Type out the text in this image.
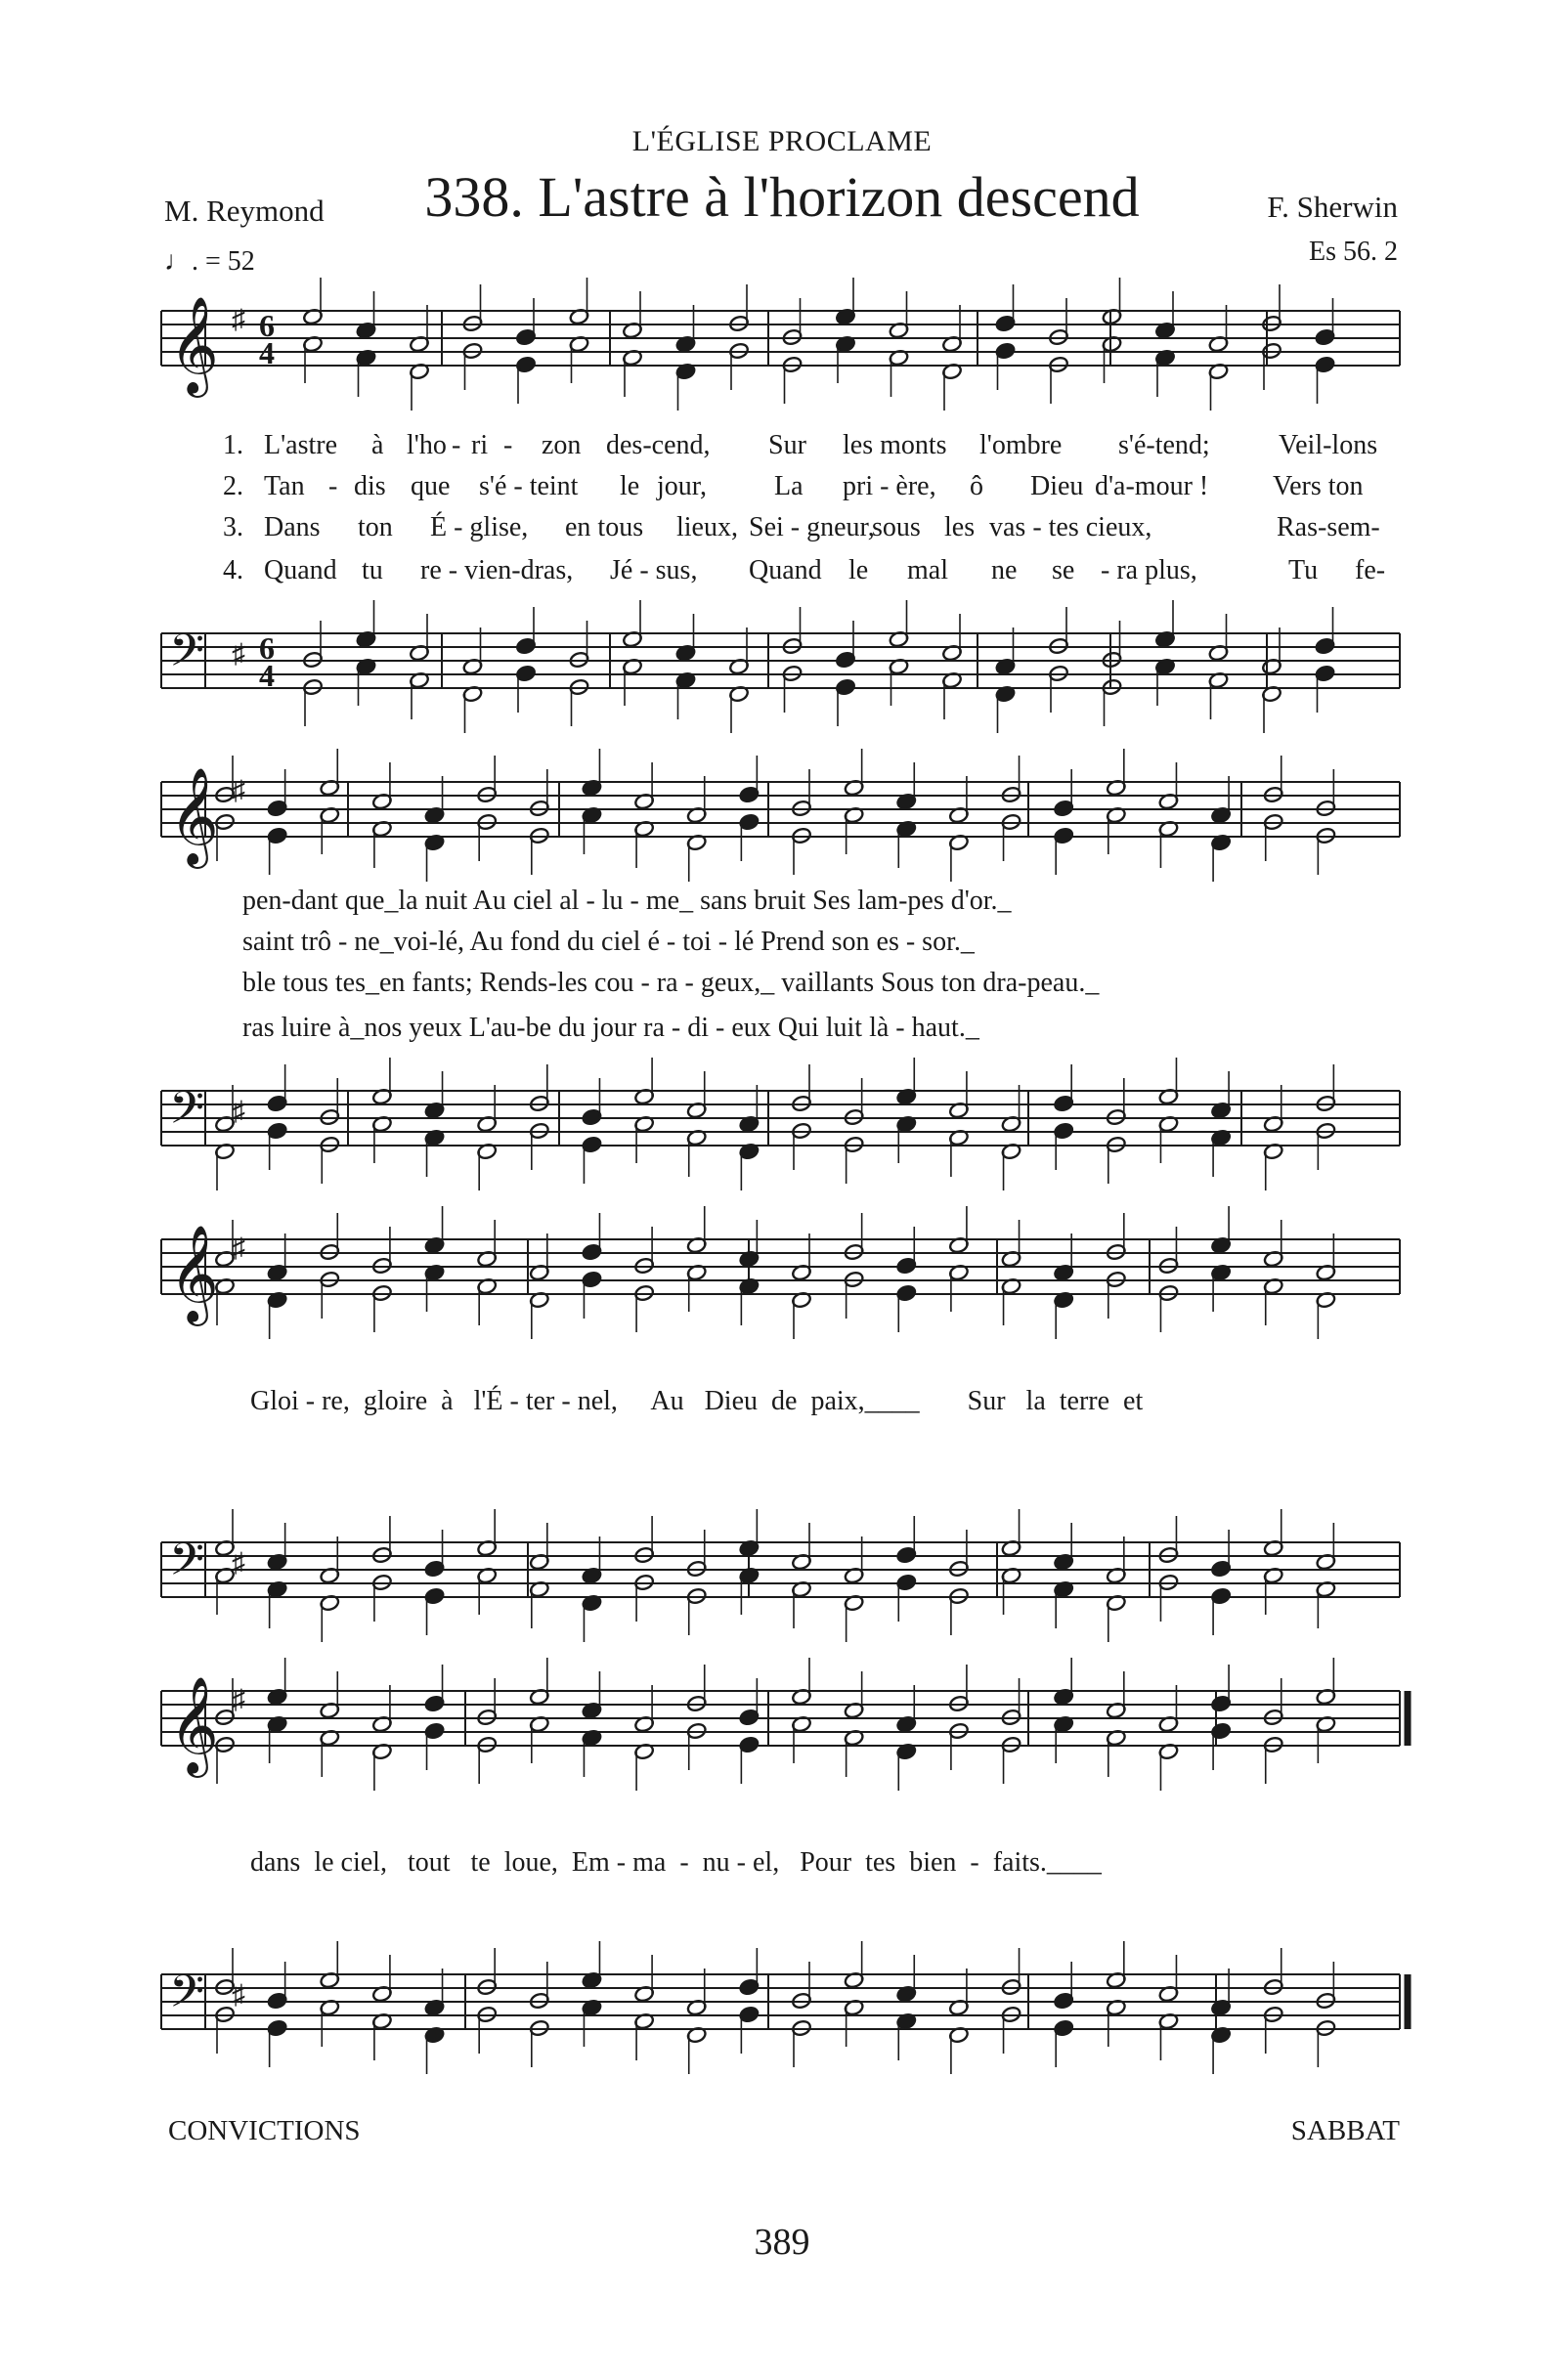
L'ÉGLISE PROCLAME
338. L'astre à l'horizon descend
M. Reymond
♩. = 52
F. Sherwin
Es 56. 2
𝄞 ♯
𝄢 ♯
𝄞 ♯
𝄢 ♯
𝄞 ♯
𝄢 ♯
𝄞 ♯
𝄢 ♯
6
4
6
4
1. L'astre à l'ho - ri - zon des-cend, Sur les monts l'ombre s'é-tend;	Veil-lons
2. Tan - dis que s'é - teint le jour, La pri - ère, ô Dieu d'a-mour ! Vers ton
3. Dans ton É - glise, en tous lieux, Sei - gneur,
sous les vas - tes cieux,	Ras-sem-
4. Quand tu re - vien-dras, Jé - sus, Quand le mal ne se - ra plus,	Tu fe-
pen-dant que_la nuit Au ciel al - lu - me_ sans bruit Ses lam-pes d'or._
saint trô - ne_voi-lé, Au fond du ciel é - toi - lé Prend son es - sor._
ble tous tes_en fants; Rends-les cou - ra - geux,_ vaillants Sous ton dra-peau._
ras luire à_nos yeux L'au-be du jour ra - di - eux Qui luit là - haut._
Gloi - re,  gloire  à   l'É - ter - nel,     Au   Dieu  de  paix,____       Sur   la  terre  et
dans  le ciel,   tout   te  loue,  Em - ma  -  nu - el,   Pour  tes  bien  -  faits.____
CONVICTIONS	SABBAT
389
